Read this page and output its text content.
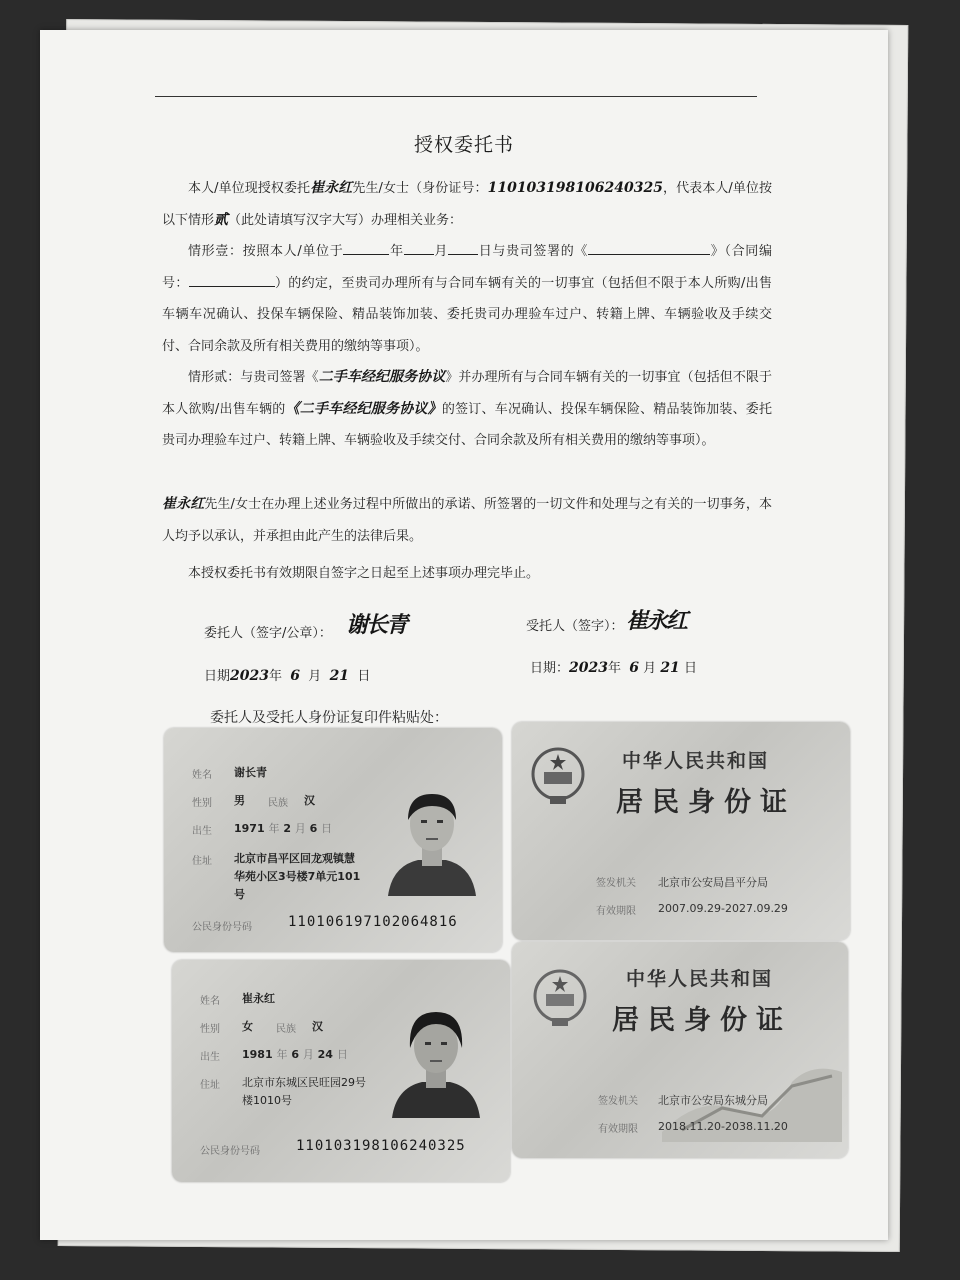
授权委托书
本人/单位现授权委托崔永红先生/女士（身份证号：110103198106240325，代表本人/单位按以下情形贰（此处请填写汉字大写）办理相关业务：
情形壹：按照本人/单位于	年 月 日与贵司签署的《	》（合同编号：	）的约定，至贵司办理所有与合同车辆有关的一切事宜（包括但不限于本人所购/出售车辆车况确认、投保车辆保险、精品装饰加装、委托贵司办理验车过户、转籍上牌、车辆验收及手续交付、合同余款及所有相关费用的缴纳等事项）。
情形贰：与贵司签署《二手车经纪服务协议》并办理所有与合同车辆有关的一切事宜（包括但不限于本人欲购/出售车辆的《二手车经纪服务协议》的签订、车况确认、投保车辆保险、精品装饰加装、委托贵司办理验车过户、转籍上牌、车辆验收及手续交付、合同余款及所有相关费用的缴纳等事项）。
崔永红先生/女士在办理上述业务过程中所做出的承诺、所签署的一切文件和处理与之有关的一切事务，本人均予以承认，并承担由此产生的法律后果。
本授权委托书有效期限自签字之日起至上述事项办理完毕止。
委托人（签字/公章）： 谢长青	受托人（签字）： 崔永红
日期2023年 6 月 21 日
日期：2023年 6 月 21 日
委托人及受托人身份证复印件粘贴处：
姓名 谢长青
性别 男 民族 汉
出生 1971 年 2 月 6 日
住址 北京市昌平区回龙观镇慧
华苑小区3号楼7单元101
号
公民身份号码	110106197102064816
中华人民共和国
居民身份证
签发机关 北京市公安局昌平分局
有效期限 2007.09.29-2027.09.29
姓名 崔永红
性别 女 民族 汉
出生 1981 年 6 月 24 日
住址 北京市东城区民旺园29号
楼1010号
公民身份号码	110103198106240325
中华人民共和国
居民身份证
签发机关 北京市公安局东城分局
有效期限 2018.11.20-2038.11.20
